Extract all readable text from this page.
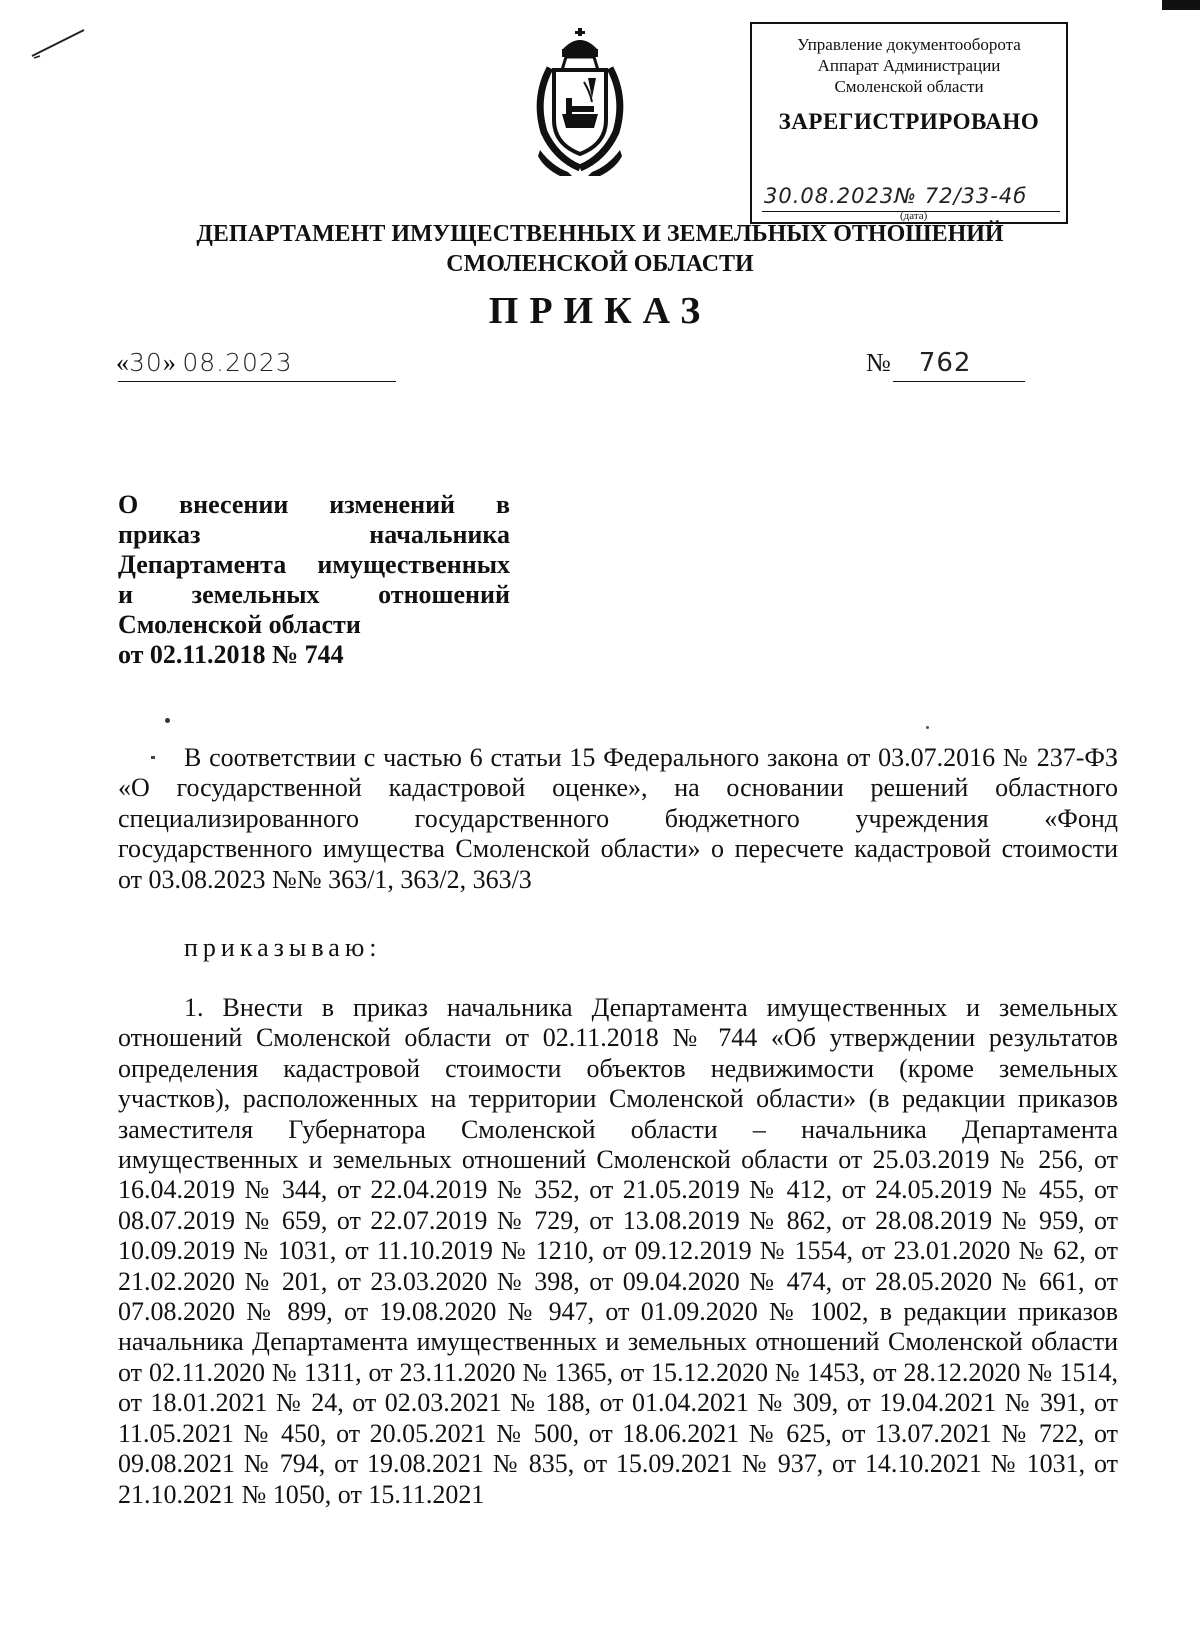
Управление документооборота
Аппарат Администрации
Смоленской области
ЗАРЕГИСТРИРОВАНО
30.08.2023№ 72/33-4б
(дата)
ДЕПАРТАМЕНТ ИМУЩЕСТВЕННЫХ И ЗЕМЕЛЬНЫХ ОТНОШЕНИЙ
СМОЛЕНСКОЙ ОБЛАСТИ
ПРИКАЗ
«30» 08.2023	№ 762
О внесении изменений в
приказ начальника
Департамента имущественных
и земельных отношений
Смоленской области
от 02.11.2018 № 744

В соответствии с частью 6 статьи 15 Федерального закона от 03.07.2016 № 237-ФЗ «О государственной кадастровой оценке», на основании решений областного специализированного государственного бюджетного учреждения «Фонд государственного имущества Смоленской области» о пересчете кадастровой стоимости от 03.08.2023 №№ 363/1, 363/2, 363/3

приказываю:

1. Внести в приказ начальника Департамента имущественных и земельных отношений Смоленской области от 02.11.2018 № 744 «Об утверждении результатов определения кадастровой стоимости объектов недвижимости (кроме земельных участков), расположенных на территории Смоленской области» (в редакции приказов заместителя Губернатора Смоленской области – начальника Департамента имущественных и земельных отношений Смоленской области от 25.03.2019 № 256, от 16.04.2019 № 344, от 22.04.2019 № 352, от 21.05.2019 № 412, от 24.05.2019 № 455, от 08.07.2019 № 659, от 22.07.2019 № 729, от 13.08.2019 № 862, от 28.08.2019 № 959, от 10.09.2019 № 1031, от 11.10.2019 № 1210, от 09.12.2019 № 1554, от 23.01.2020 № 62, от 21.02.2020 № 201, от 23.03.2020 № 398, от 09.04.2020 № 474, от 28.05.2020 № 661, от 07.08.2020 № 899, от 19.08.2020 № 947, от 01.09.2020 № 1002, в редакции приказов начальника Департамента имущественных и земельных отношений Смоленской области от 02.11.2020 № 1311, от 23.11.2020 № 1365, от 15.12.2020 № 1453, от 28.12.2020 № 1514, от 18.01.2021 № 24, от 02.03.2021 № 188, от 01.04.2021 № 309, от 19.04.2021 № 391, от 11.05.2021 № 450, от 20.05.2021 № 500, от 18.06.2021 № 625, от 13.07.2021 № 722, от 09.08.2021 № 794, от 19.08.2021 № 835, от 15.09.2021 № 937, от 14.10.2021 № 1031, от 21.10.2021 № 1050, от 15.11.2021
